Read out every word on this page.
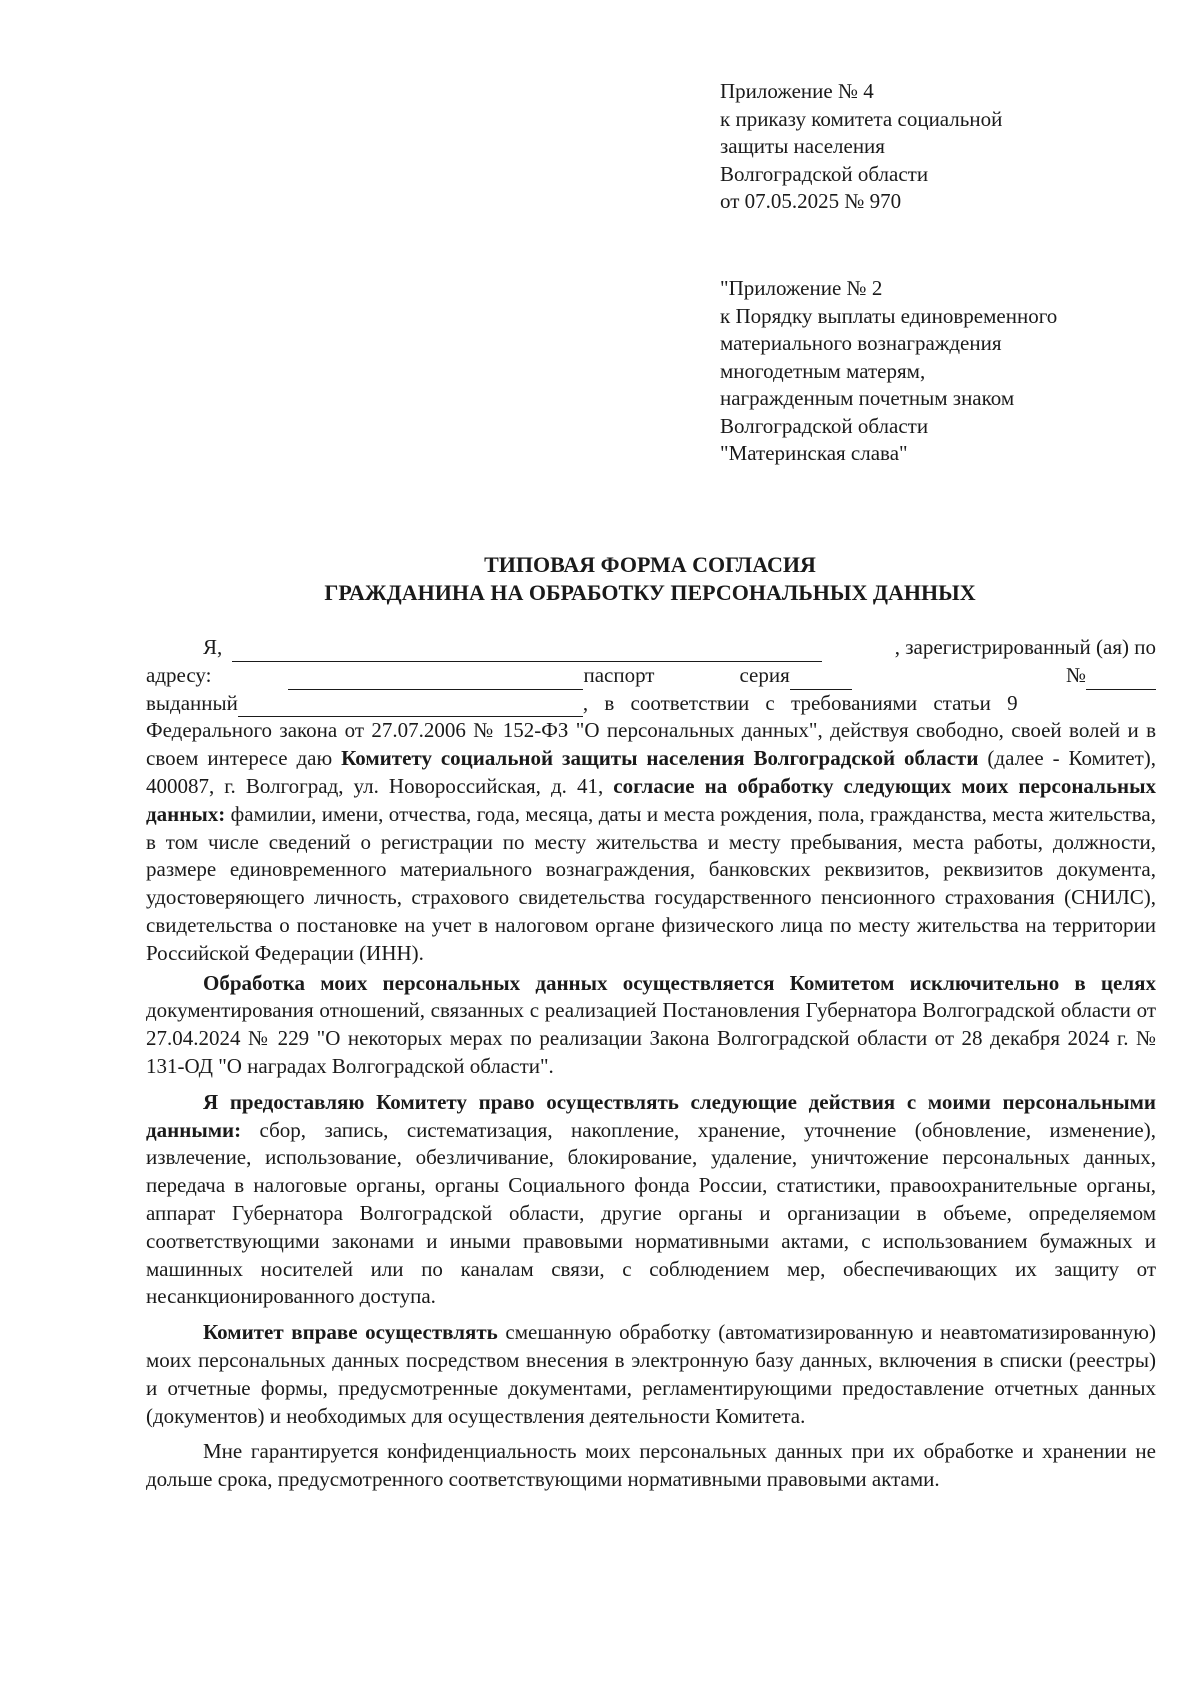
Приложение № 4
к приказу комитета социальной
защиты населения
Волгоградской области
от 07.05.2025 № 970
"Приложение № 2
к Порядку выплаты единовременного
материального вознаграждения
многодетным матерям,
награжденным почетным знаком
Волгоградской области
"Материнская слава"
ТИПОВАЯ ФОРМА СОГЛАСИЯ
ГРАЖДАНИНА НА ОБРАБОТКУ ПЕРСОНАЛЬНЫХ ДАННЫХ
Я,	, зарегистрированный (ая) по
адресу:	паспорт	серия	№
выданный	, в соответствии с требованиями статьи 9

Федерального закона от 27.07.2006 № 152-ФЗ "О персональных данных", действуя свободно, своей волей и в своем интересе даю Комитету социальной защиты населения Волгоградской области (далее - Комитет), 400087, г. Волгоград, ул. Новороссийская, д. 41, согласие на обработку следующих моих персональных данных: фамилии, имени, отчества, года, месяца, даты и места рождения, пола, гражданства, места жительства, в том числе сведений о регистрации по месту жительства и месту пребывания, места работы, должности, размере единовременного материального вознаграждения, банковских реквизитов, реквизитов документа, удостоверяющего личность, страхового свидетельства государственного пенсионного страхования (СНИЛС), свидетельства о постановке на учет в налоговом органе физического лица по месту жительства на территории Российской Федерации (ИНН).

Обработка моих персональных данных осуществляется Комитетом исключительно в целях документирования отношений, связанных с реализацией Постановления Губернатора Волгоградской области от 27.04.2024 № 229 "О некоторых мерах по реализации Закона Волгоградской области от 28 декабря 2024 г. № 131-ОД "О наградах Волгоградской области".

Я предоставляю Комитету право осуществлять следующие действия с моими персональными данными: сбор, запись, систематизация, накопление, хранение, уточнение (обновление, изменение), извлечение, использование, обезличивание, блокирование, удаление, уничтожение персональных данных, передача в налоговые органы, органы Социального фонда России, статистики, правоохранительные органы, аппарат Губернатора Волгоградской области, другие органы и организации в объеме, определяемом соответствующими законами и иными правовыми нормативными актами, с использованием бумажных и машинных носителей или по каналам связи, с соблюдением мер, обеспечивающих их защиту от несанкционированного доступа.

Комитет вправе осуществлять смешанную обработку (автоматизированную и неавтоматизированную) моих персональных данных посредством внесения в электронную базу данных, включения в списки (реестры) и отчетные формы, предусмотренные документами, регламентирующими предоставление отчетных данных (документов) и необходимых для осуществления деятельности Комитета.

Мне гарантируется конфиденциальность моих персональных данных при их обработке и хранении не дольше срока, предусмотренного соответствующими нормативными правовыми актами.
